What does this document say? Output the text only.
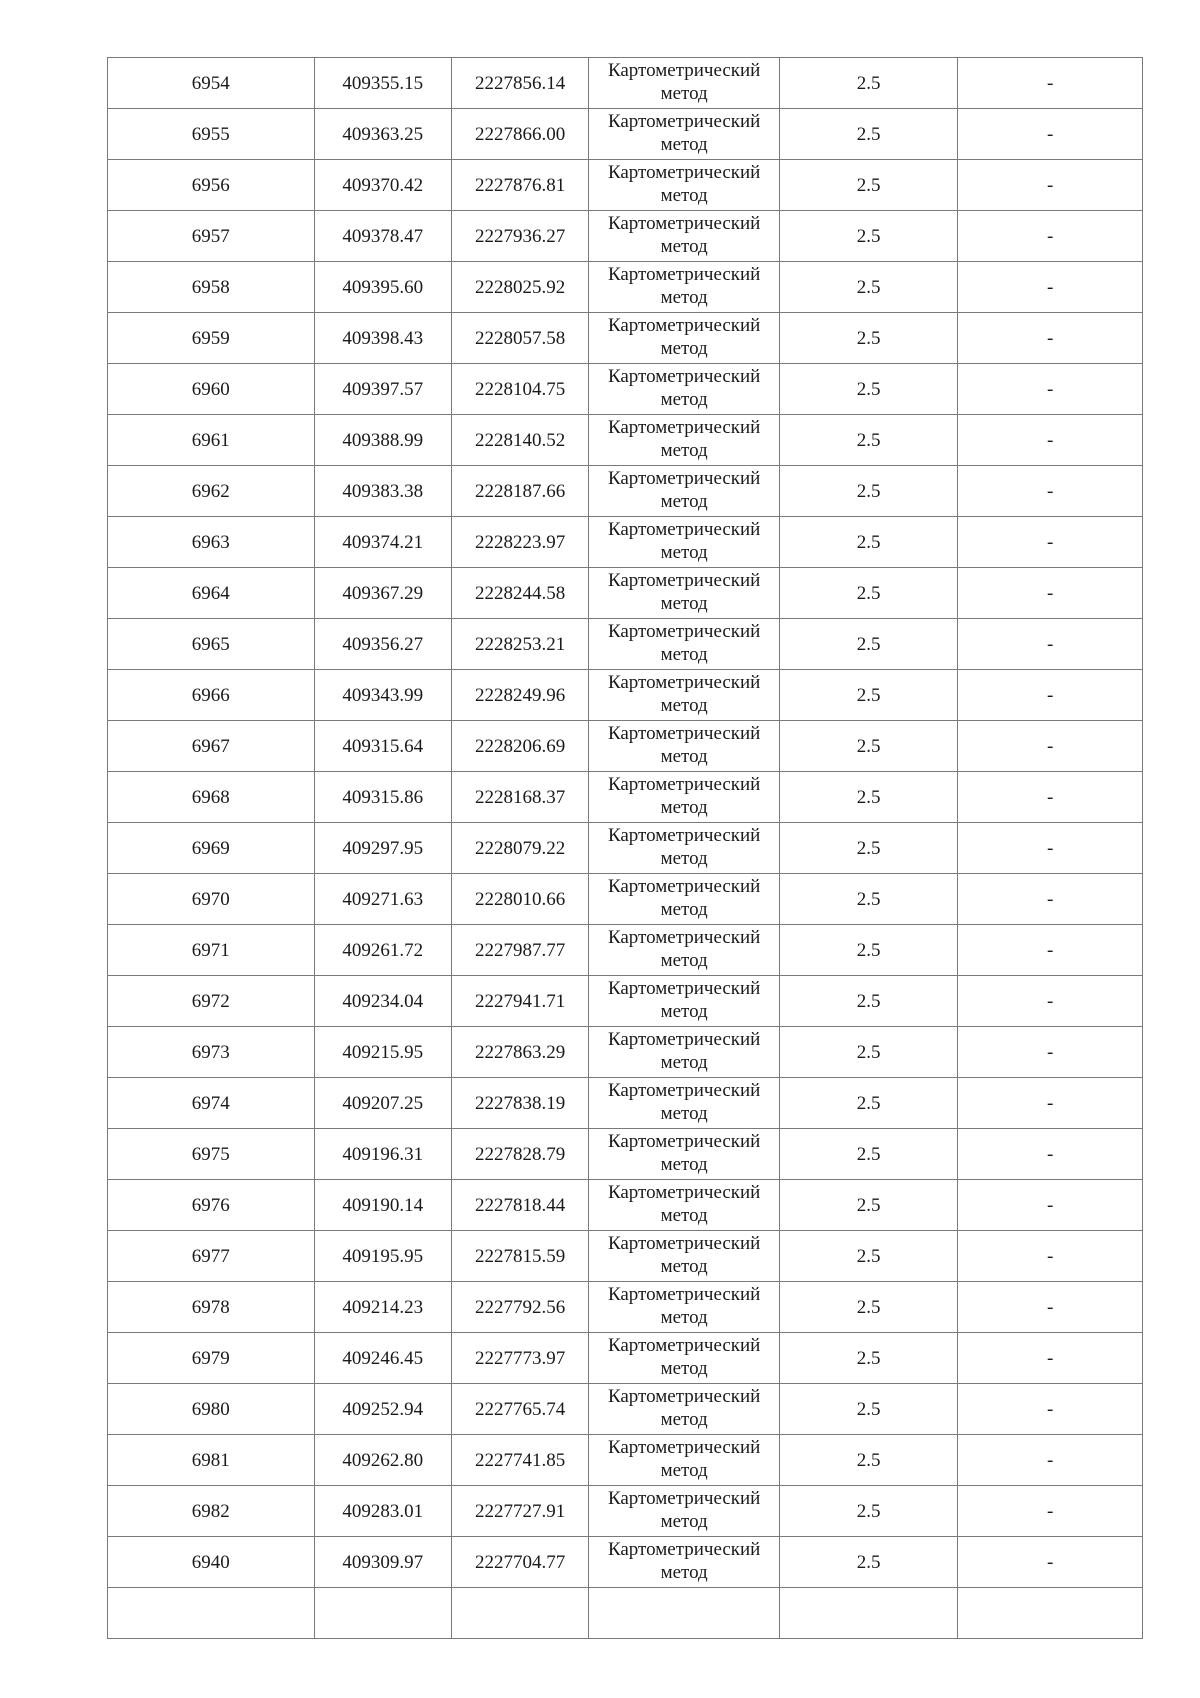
6954	409355.15	2227856.14	Картометрический
метод	2.5	-
6955	409363.25	2227866.00	Картометрический
метод	2.5	-
6956	409370.42	2227876.81	Картометрический
метод	2.5	-
6957	409378.47	2227936.27	Картометрический
метод	2.5	-
6958	409395.60	2228025.92	Картометрический
метод	2.5	-
6959	409398.43	2228057.58	Картометрический
метод	2.5	-
6960	409397.57	2228104.75	Картометрический
метод	2.5	-
6961	409388.99	2228140.52	Картометрический
метод	2.5	-
6962	409383.38	2228187.66	Картометрический
метод	2.5	-
6963	409374.21	2228223.97	Картометрический
метод	2.5	-
6964	409367.29	2228244.58	Картометрический
метод	2.5	-
6965	409356.27	2228253.21	Картометрический
метод	2.5	-
6966	409343.99	2228249.96	Картометрический
метод	2.5	-
6967	409315.64	2228206.69	Картометрический
метод	2.5	-
6968	409315.86	2228168.37	Картометрический
метод	2.5	-
6969	409297.95	2228079.22	Картометрический
метод	2.5	-
6970	409271.63	2228010.66	Картометрический
метод	2.5	-
6971	409261.72	2227987.77	Картометрический
метод	2.5	-
6972	409234.04	2227941.71	Картометрический
метод	2.5	-
6973	409215.95	2227863.29	Картометрический
метод	2.5	-
6974	409207.25	2227838.19	Картометрический
метод	2.5	-
6975	409196.31	2227828.79	Картометрический
метод	2.5	-
6976	409190.14	2227818.44	Картометрический
метод	2.5	-
6977	409195.95	2227815.59	Картометрический
метод	2.5	-
6978	409214.23	2227792.56	Картометрический
метод	2.5	-
6979	409246.45	2227773.97	Картометрический
метод	2.5	-
6980	409252.94	2227765.74	Картометрический
метод	2.5	-
6981	409262.80	2227741.85	Картометрический
метод	2.5	-
6982	409283.01	2227727.91	Картометрический
метод	2.5	-
6940	409309.97	2227704.77	Картометрический
метод	2.5	-
